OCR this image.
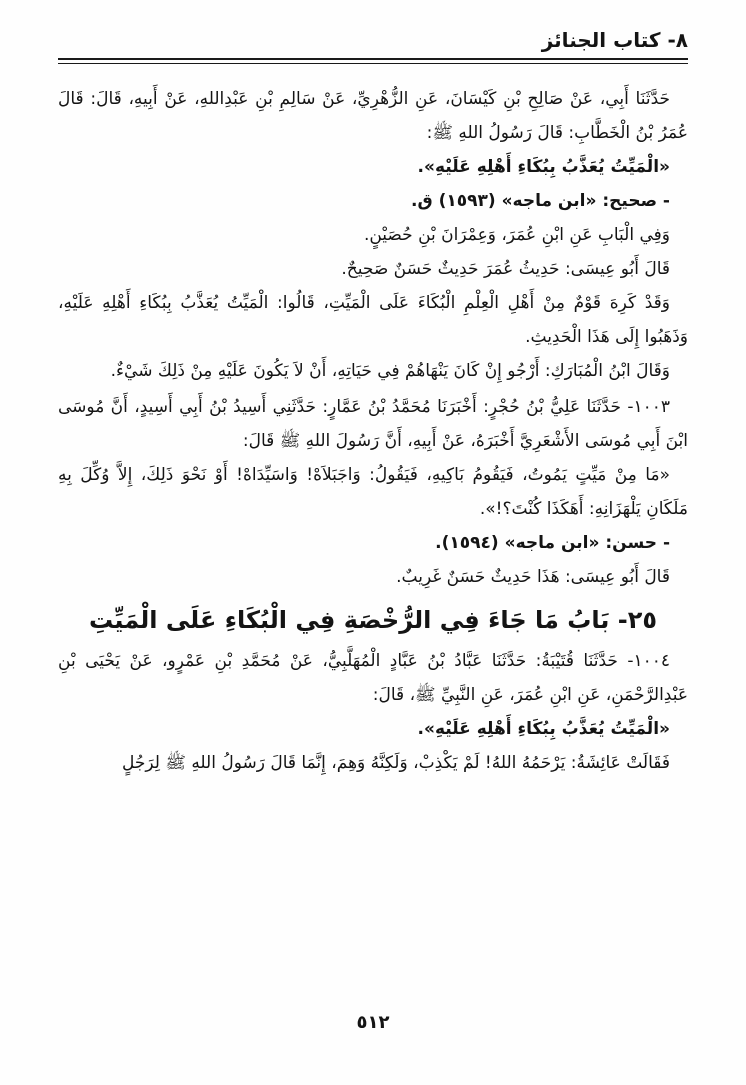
٨- كتاب الجنائز

حَدَّثَنَا أَبِي، عَنْ صَالِحِ بْنِ كَيْسَانَ، عَنِ الزُّهْرِيِّ، عَنْ سَالِمِ بْنِ عَبْدِاللهِ، عَنْ أَبِيهِ، قَالَ: قَالَ عُمَرُ بْنُ الْخَطَّابِ: قَالَ رَسُولُ اللهِ ﷺ:

«الْمَيِّتُ يُعَذَّبُ بِبُكَاءِ أَهْلِهِ عَلَيْهِ».

- صحيح: «ابن ماجه» (١٥٩٣) ق.

وَفِي الْبَابِ عَنِ ابْنِ عُمَرَ، وَعِمْرَانَ بْنِ حُصَيْنٍ.

قَالَ أَبُو عِيسَى: حَدِيثُ عُمَرَ حَدِيثٌ حَسَنٌ صَحِيحٌ.

وَقَدْ كَرِهَ قَوْمٌ مِنْ أَهْلِ الْعِلْمِ الْبُكَاءَ عَلَى الْمَيِّتِ، قَالُوا: الْمَيِّتُ يُعَذَّبُ بِبُكَاءِ أَهْلِهِ عَلَيْهِ، وَذَهَبُوا إِلَى هَذَا الْحَدِيثِ.

وَقَالَ ابْنُ الْمُبَارَكِ: أَرْجُو إِنْ كَانَ يَنْهَاهُمْ فِي حَيَاتِهِ، أَنْ لاَ يَكُونَ عَلَيْهِ مِنْ ذَلِكَ شَيْءٌ.

١٠٠٣- حَدَّثَنَا عَلِيُّ بْنُ حُجْرٍ: أَخْبَرَنَا مُحَمَّدُ بْنُ عَمَّارٍ: حَدَّثَنِي أَسِيدُ بْنُ أَبِي أَسِيدٍ، أَنَّ مُوسَى ابْنَ أَبِي مُوسَى الأَشْعَرِيَّ أَخْبَرَهُ، عَنْ أَبِيهِ، أَنَّ رَسُولَ اللهِ ﷺ قَالَ:

«مَا مِنْ مَيِّتٍ يَمُوتُ، فَيَقُومُ بَاكِيهِ، فَيَقُولُ: وَاجَبَلاَهْ! وَاسَيِّدَاهْ! أَوْ نَحْوَ ذَلِكَ، إِلاَّ وُكِّلَ بِهِ مَلَكَانِ يَلْهَزَانِهِ: أَهَكَذَا كُنْتَ؟!».

- حسن: «ابن ماجه» (١٥٩٤).

قَالَ أَبُو عِيسَى: هَذَا حَدِيثٌ حَسَنٌ غَرِيبٌ.

٢٥- بَابُ مَا جَاءَ فِي الرُّخْصَةِ فِي الْبُكَاءِ عَلَى الْمَيِّتِ

١٠٠٤- حَدَّثَنَا قُتَيْبَةُ: حَدَّثَنَا عَبَّادُ بْنُ عَبَّادٍ الْمُهَلَّبِيُّ، عَنْ مُحَمَّدِ بْنِ عَمْرٍو، عَنْ يَحْيَى بْنِ عَبْدِالرَّحْمَنِ، عَنِ ابْنِ عُمَرَ، عَنِ النَّبِيِّ ﷺ، قَالَ:

«الْمَيِّتُ يُعَذَّبُ بِبُكَاءِ أَهْلِهِ عَلَيْهِ».

فَقَالَتْ عَائِشَةُ: يَرْحَمُهُ اللهُ! لَمْ يَكْذِبْ، وَلَكِنَّهُ وَهِمَ، إِنَّمَا قَالَ رَسُولُ اللهِ ﷺ لِرَجُلٍ

٥١٢
